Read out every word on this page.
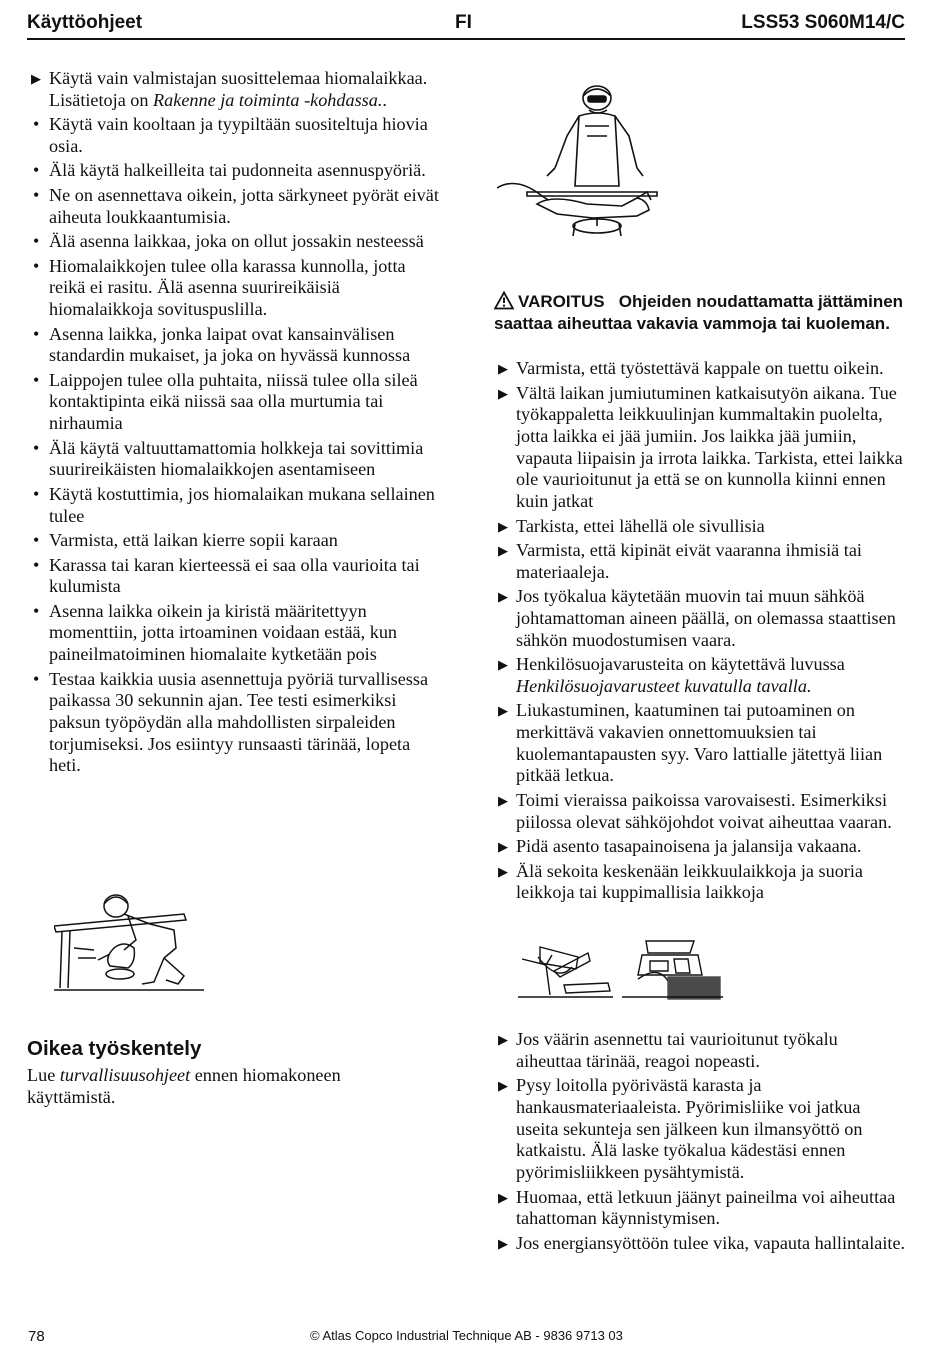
Käyttöohjeet	FI	LSS53 S060M14/C
▶ Käytä vain valmistajan suosittelemaa hiomalaikkaa. Lisätietoja on Rakenne ja toiminta -kohdassa..
• Käytä vain kooltaan ja tyypiltään suositeltuja hiovia osia.
• Älä käytä halkeilleita tai pudonneita asennuspyöriä.
• Ne on asennettava oikein, jotta särkyneet pyörät eivät aiheuta loukkaantumisia.
• Älä asenna laikkaa, joka on ollut jossakin nesteessä
• Hiomalaikkojen tulee olla karassa kunnolla, jotta reikä ei rasitu. Älä asenna suurireikäisiä hiomalaikkoja sovituspuslilla.
• Asenna laikka, jonka laipat ovat kansainvälisen standardin mukaiset, ja joka on hyvässä kunnossa
• Laippojen tulee olla puhtaita, niissä tulee olla sileä kontaktipinta eikä niissä saa olla murtumia tai nirhaumia
• Älä käytä valtuuttamattomia holkkeja tai sovittimia suurireikäisten hiomalaikkojen asentamiseen
• Käytä kostuttimia, jos hiomalaikan mukana sellainen tulee
• Varmista, että laikan kierre sopii karaan
• Karassa tai karan kierteessä ei saa olla vaurioita tai kulumista
• Asenna laikka oikein ja kiristä määritettyyn momenttiin, jotta irtoaminen voidaan estää, kun paineilmatoiminen hiomalaite kytketään pois
• Testaa kaikkia uusia asennettuja pyöriä turvallisessa paikassa 30 sekunnin ajan. Tee testi esimerkiksi paksun työpöydän alla mahdollisten sirpaleiden torjumiseksi. Jos esiintyy runsaasti tärinää, lopeta heti.
VAROITUS Ohjeiden noudattamatta jättäminen saattaa aiheuttaa vakavia vammoja tai kuoleman.
▶ Varmista, että työstettävä kappale on tuettu oikein.
▶ Vältä laikan jumiutuminen katkaisutyön aikana. Tue työkappaletta leikkuulinjan kummaltakin puolelta, jotta laikka ei jää jumiin. Jos laikka jää jumiin, vapauta liipaisin ja irrota laikka. Tarkista, ettei laikka ole vaurioitunut ja että se on kunnolla kiinni ennen kuin jatkat
▶ Tarkista, ettei lähellä ole sivullisia
▶ Varmista, että kipinät eivät vaaranna ihmisiä tai materiaaleja.
▶ Jos työkalua käytetään muovin tai muun sähköä johtamattoman aineen päällä, on olemassa staattisen sähkön muodostumisen vaara.
▶ Henkilösuojavarusteita on käytettävä luvussa Henkilösuojavarusteet kuvatulla tavalla.
▶ Liukastuminen, kaatuminen tai putoaminen on merkittävä vakavien onnettomuuksien tai kuolemantapausten syy. Varo lattialle jätettyä liian pitkää letkua.
▶ Toimi vieraissa paikoissa varovaisesti. Esimerkiksi piilossa olevat sähköjohdot voivat aiheuttaa vaaran.
▶ Pidä asento tasapainoisena ja jalansija vakaana.
▶ Älä sekoita keskenään leikkuulaikkoja ja suoria leikkoja tai kuppimallisia laikkoja
Oikea työskentely
Lue turvallisuusohjeet ennen hiomakoneen käyttämistä.
▶ Jos väärin asennettu tai vaurioitunut työkalu aiheuttaa tärinää, reagoi nopeasti.
▶ Pysy loitolla pyörivästä karasta ja hankausmateriaaleista. Pyörimisliike voi jatkua useita sekunteja sen jälkeen kun ilmansyöttö on katkaistu. Älä laske työkalua kädestäsi ennen pyörimisliikkeen pysähtymistä.
▶ Huomaa, että letkuun jäänyt paineilma voi aiheuttaa tahattoman käynnistymisen.
▶ Jos energiansyöttöön tulee vika, vapauta hallintalaite.
78	© Atlas Copco Industrial Technique AB - 9836 9713 03
